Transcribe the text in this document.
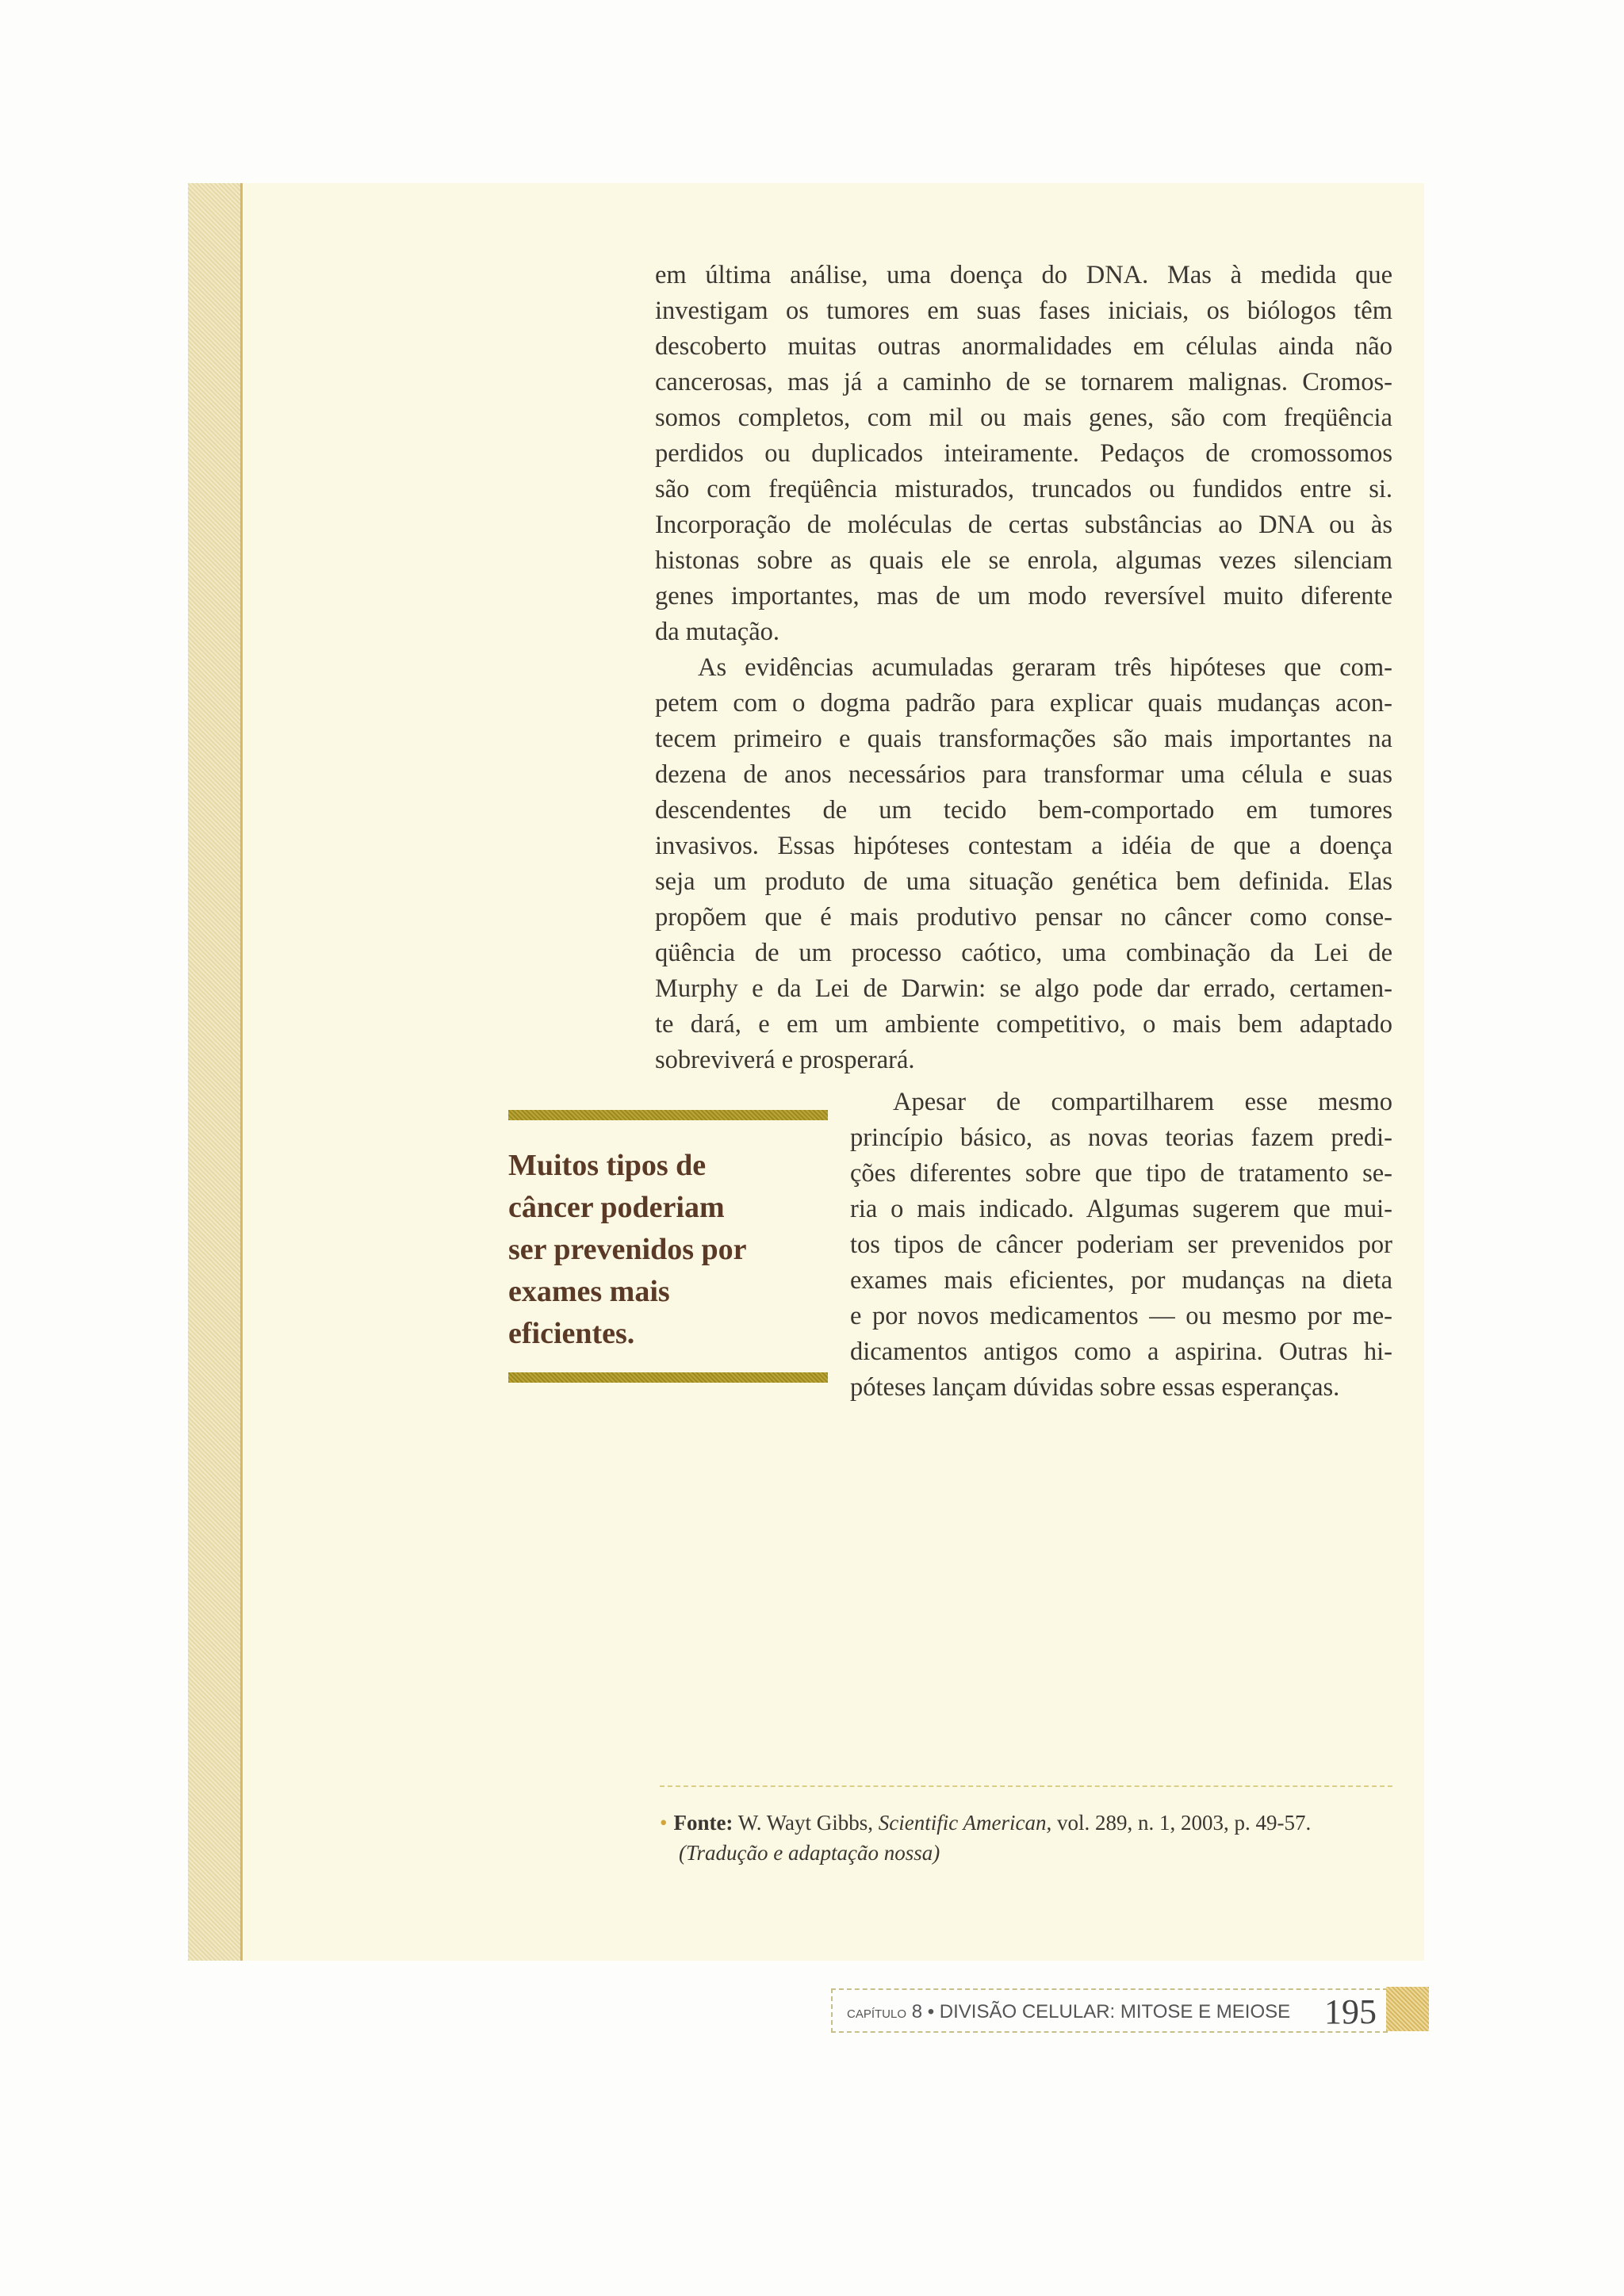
em última análise, uma doença do DNA. Mas à medida que
investigam os tumores em suas fases iniciais, os biólogos têm
descoberto muitas outras anormalidades em células ainda não
cancerosas, mas já a caminho de se tornarem malignas. Cromos-
somos completos, com mil ou mais genes, são com freqüência
perdidos ou duplicados inteiramente. Pedaços de cromossomos
são com freqüência misturados, truncados ou fundidos entre si.
Incorporação de moléculas de certas substâncias ao DNA ou às
histonas sobre as quais ele se enrola, algumas vezes silenciam
genes importantes, mas de um modo reversível muito diferente
da mutação.
As evidências acumuladas geraram três hipóteses que com-
petem com o dogma padrão para explicar quais mudanças acon-
tecem primeiro e quais transformações são mais importantes na
dezena de anos necessários para transformar uma célula e suas
descendentes de um tecido bem-comportado em tumores
invasivos. Essas hipóteses contestam a idéia de que a doença
seja um produto de uma situação genética bem definida. Elas
propõem que é mais produtivo pensar no câncer como conse-
qüência de um processo caótico, uma combinação da Lei de
Murphy e da Lei de Darwin: se algo pode dar errado, certamen-
te dará, e em um ambiente competitivo, o mais bem adaptado
sobreviverá e prosperará.
Muitos tipos de
câncer poderiam
ser prevenidos por
exames mais
eficientes.
Apesar de compartilharem esse mesmo
princípio básico, as novas teorias fazem predi-
ções diferentes sobre que tipo de tratamento se-
ria o mais indicado. Algumas sugerem que mui-
tos tipos de câncer poderiam ser prevenidos por
exames mais eficientes, por mudanças na dieta
e por novos medicamentos — ou mesmo por me-
dicamentos antigos como a aspirina. Outras hi-
póteses lançam dúvidas sobre essas esperanças.
• Fonte: W. Wayt Gibbs, Scientific American, vol. 289, n. 1, 2003, p. 49-57.
(Tradução e adaptação nossa)
CAPÍTULO 8 • DIVISÃO CELULAR: MITOSE E MEIOSE 195
